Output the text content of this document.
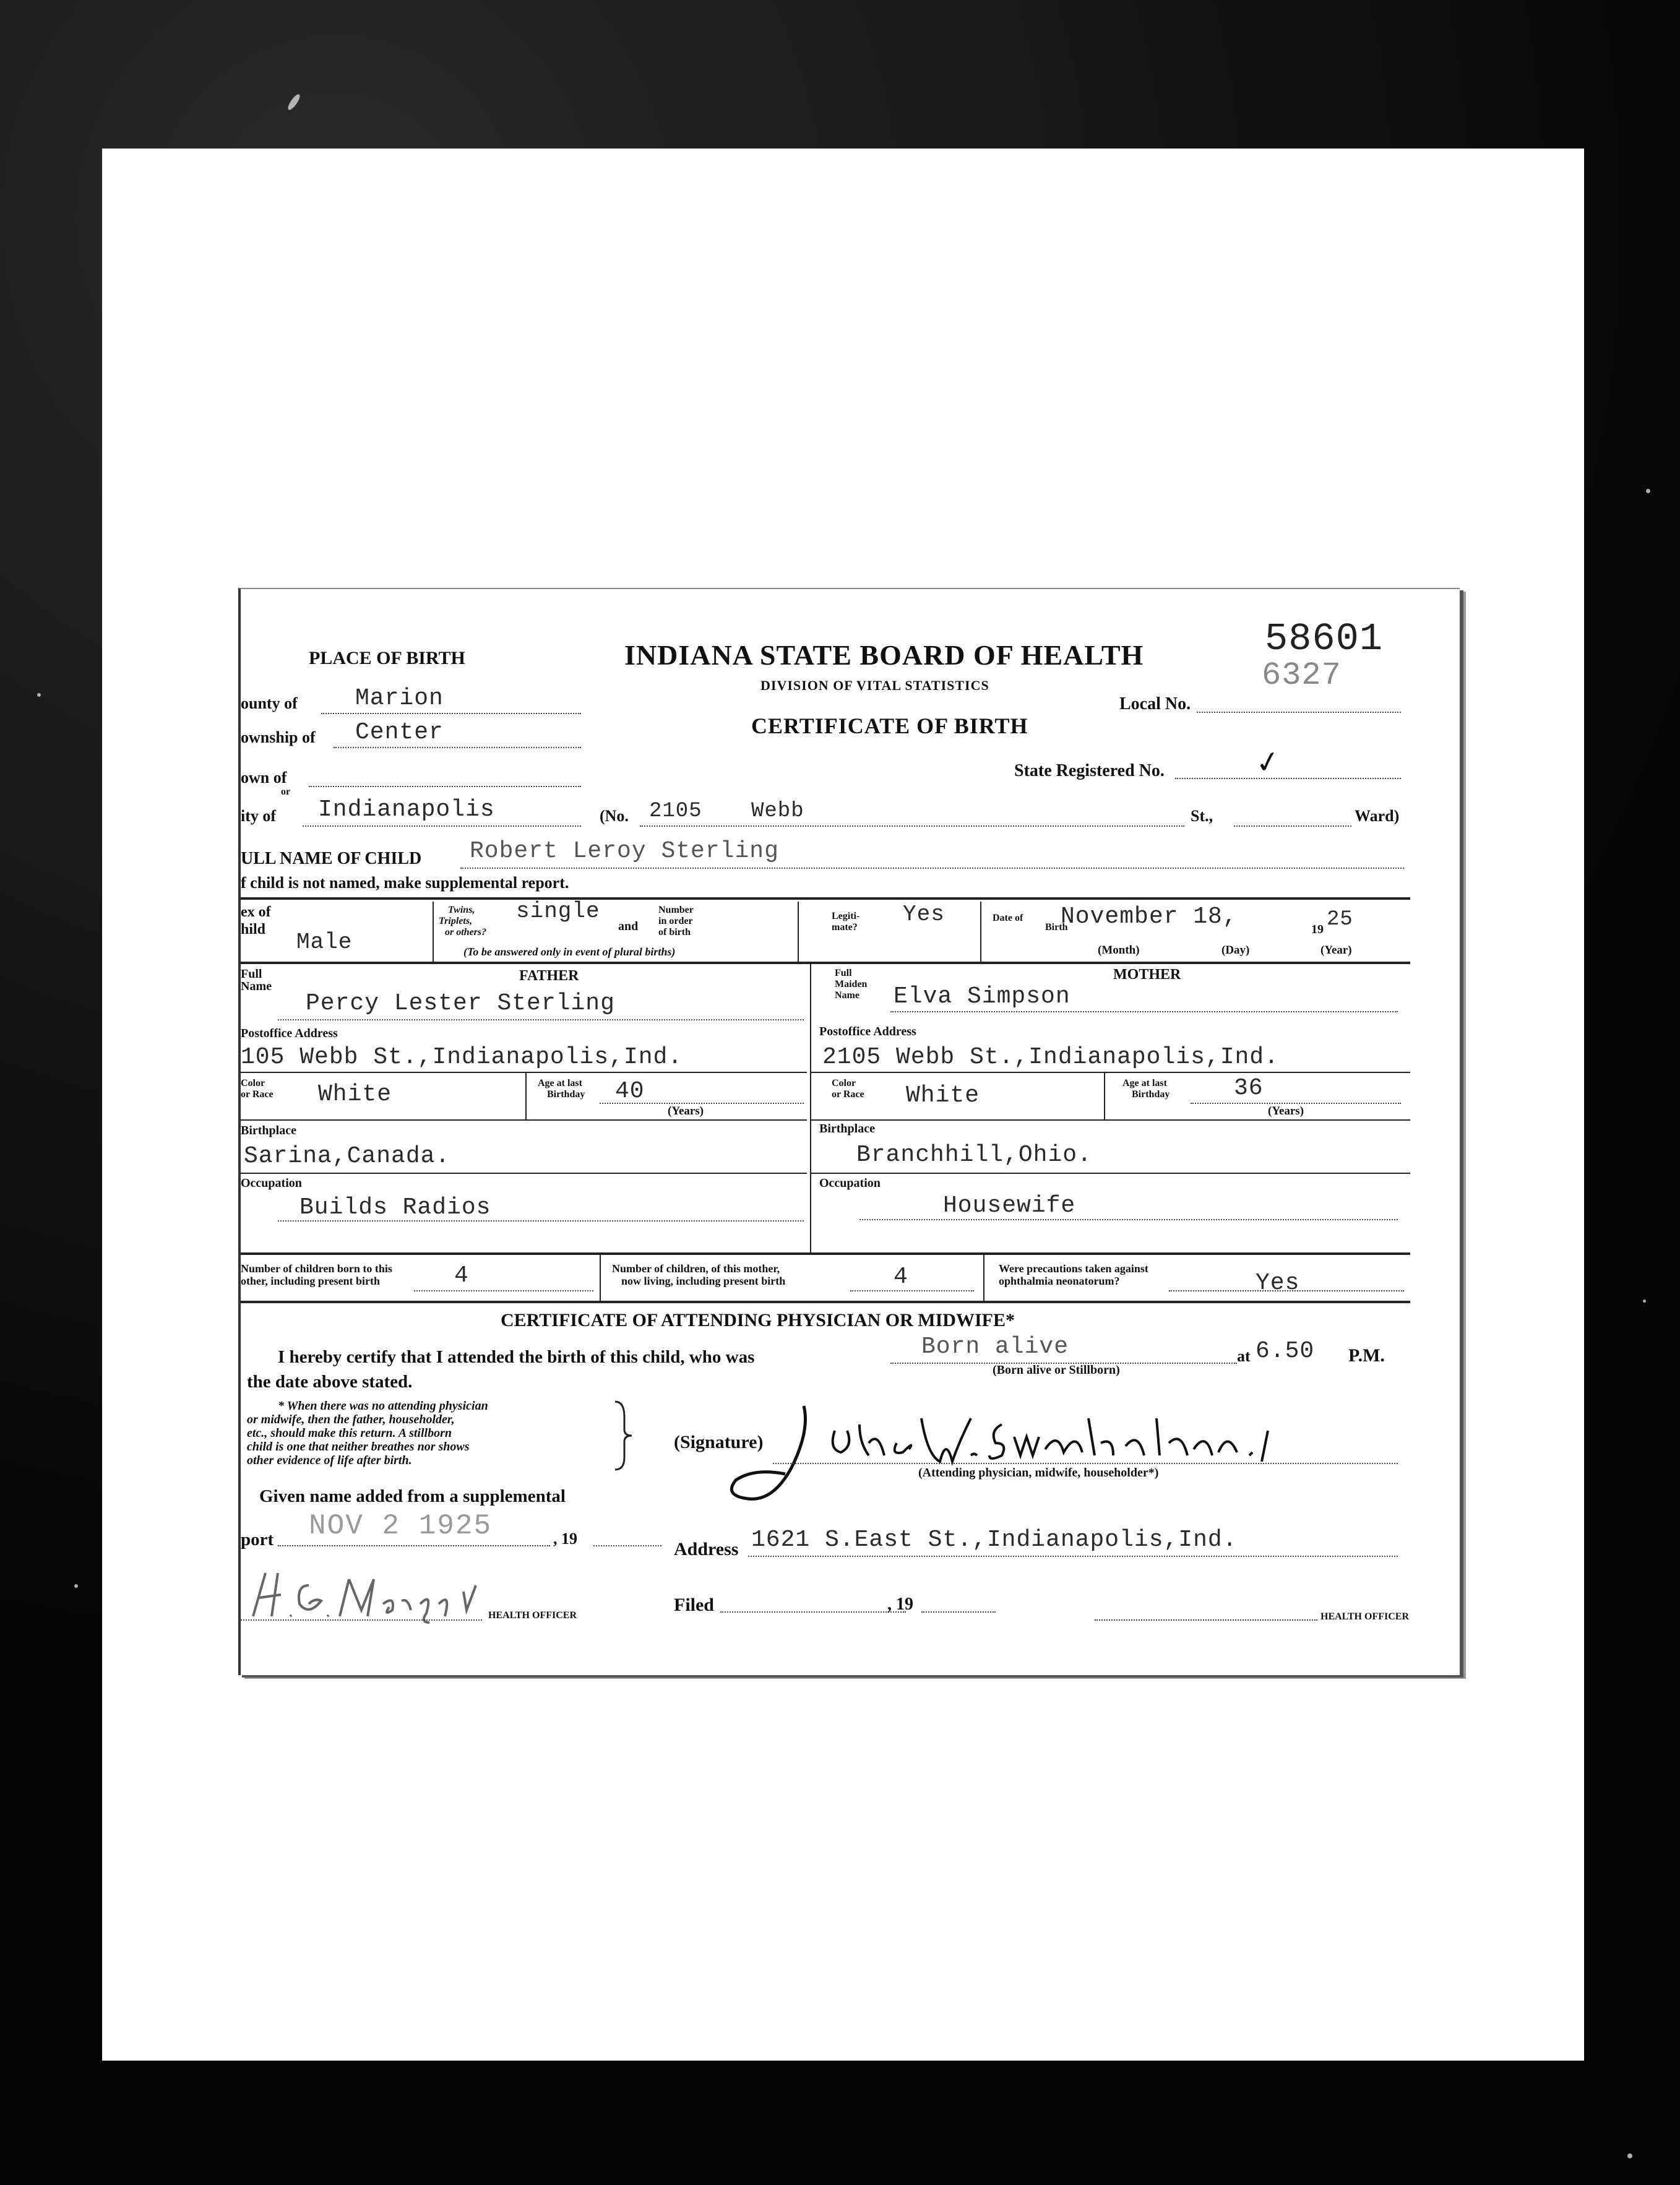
PLACE OF BIRTH	INDIANA STATE BOARD OF HEALTH
DIVISION OF VITAL STATISTICS
CERTIFICATE OF BIRTH
58601
6327
Local No.
State Registered No.	✓
ounty of Marion
ownship of Center
own of
or
ity of Indianapolis	(No. 2105 Webb	St.,	Ward)
ULL NAME OF CHILD Robert Leroy Sterling
f child is not named, make supplemental report.
ex of
hild Male
Twins,
Triplets,
or others?
single
and
Number
in order
of birth
(To be answered only in event of plural births)
Legiti-
mate?
Yes	Date of
Birth
November 18,	19 25
(Month)	(Day)	(Year)
FATHER	MOTHER
Full
Name
Percy Lester Sterling
Postoffice Address
105 Webb St.,Indianapolis,Ind.
Color
or Race White	Age at last
Birthday 40
(Years)
Birthplace
Sarina,Canada.
Occupation
Builds Radios
Full
Maiden
Name Elva Simpson
Postoffice Address
2105 Webb St.,Indianapolis,Ind.
Color
or Race White	Age at last
Birthday	36
(Years)
Birthplace
Branchhill,Ohio.
Occupation
Housewife
Number of children born to this
other, including present birth	4	Number of children, of this mother,
now living, including present birth	4	Were precautions taken against
ophthalmia neonatorum?	Yes
CERTIFICATE OF ATTENDING PHYSICIAN OR MIDWIFE*
I hereby certify that I attended the birth of this child, who was	Born alive
(Born alive or Stillborn)
at 6.50 P.M.
the date above stated.
* When there was no attending physician
or midwife, then the father, householder,
etc., should make this return. A stillborn
child is one that neither breathes nor shows
other evidence of life after birth.
(Signature)
(Attending physician, midwife, householder*)
Given name added from a supplemental
port NOV 2 1925	, 19
HEALTH OFFICER
Address 1621 S.East St.,Indianapolis,Ind.
Filed	, 19
HEALTH OFFICER
